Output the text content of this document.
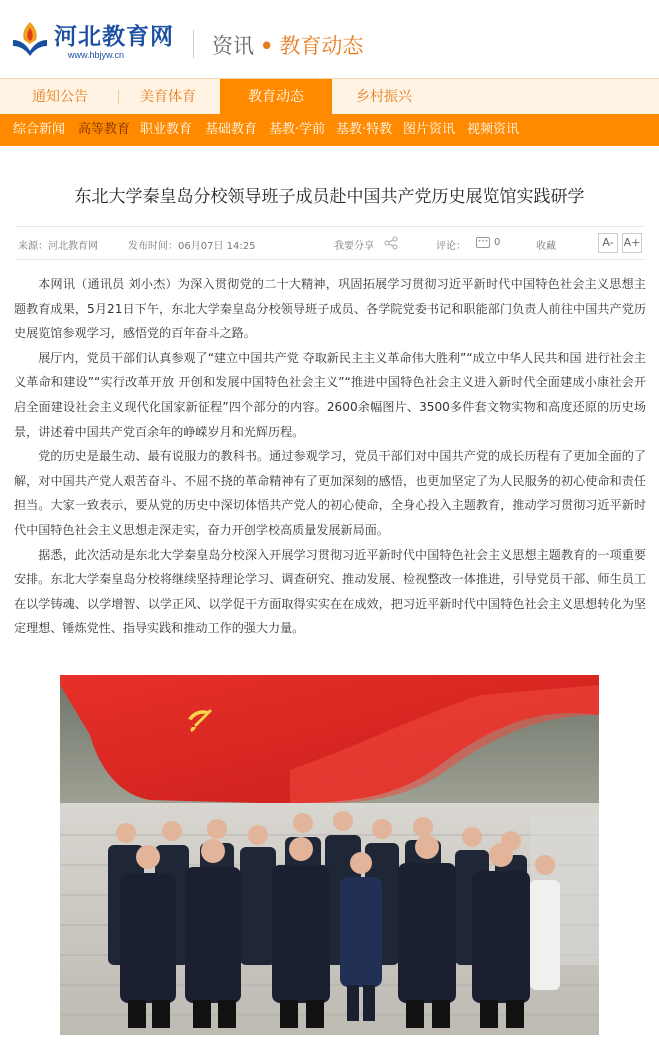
河北教育网
www.hbjyw.cn	资讯 • 教育动态
通知公告	美育体育	教育动态	乡村振兴
综合新闻 高等教育 职业教育 基础教育 基教·学前 基教·特教 图片资讯 视频资讯
东北大学秦皇岛分校领导班子成员赴中国共产党历史展览馆实践研学
来源：河北教育网	发布时间：06月07日 14:25	我要分享	评论： ••• 0	收藏	A- A+

本网讯（通讯员 刘小杰）为深入贯彻党的二十大精神，巩固拓展学习贯彻习近平新时代中国特色社会主义思想主题教育成果，5月21日下午，东北大学秦皇岛分校领导班子成员、各学院党委书记和职能部门负责人前往中国共产党历史展览馆参观学习，感悟党的百年奋斗之路。

展厅内，党员干部们认真参观了“建立中国共产党 夺取新民主主义革命伟大胜利”“成立中华人民共和国 进行社会主义革命和建设”“实行改革开放 开创和发展中国特色社会主义”“推进中国特色社会主义进入新时代全面建成小康社会开启全面建设社会主义现代化国家新征程”四个部分的内容。2600余幅图片、3500多件套文物实物和高度还原的历史场景，讲述着中国共产党百余年的峥嵘岁月和光辉历程。

党的历史是最生动、最有说服力的教科书。通过参观学习，党员干部们对中国共产党的成长历程有了更加全面的了解，对中国共产党人艰苦奋斗、不屈不挠的革命精神有了更加深刻的感悟，也更加坚定了为人民服务的初心使命和责任担当。大家一致表示，要从党的历史中深切体悟共产党人的初心使命，全身心投入主题教育，推动学习贯彻习近平新时代中国特色社会主义思想走深走实，奋力开创学校高质量发展新局面。

据悉，此次活动是东北大学秦皇岛分校深入开展学习贯彻习近平新时代中国特色社会主义思想主题教育的一项重要安排。东北大学秦皇岛分校将继续坚持理论学习、调查研究、推动发展、检视整改一体推进，引导党员干部、师生员工在以学铸魂、以学增智、以学正风、以学促干方面取得实实在在成效，把习近平新时代中国特色社会主义思想转化为坚定理想、锤炼党性、指导实践和推动工作的强大力量。
